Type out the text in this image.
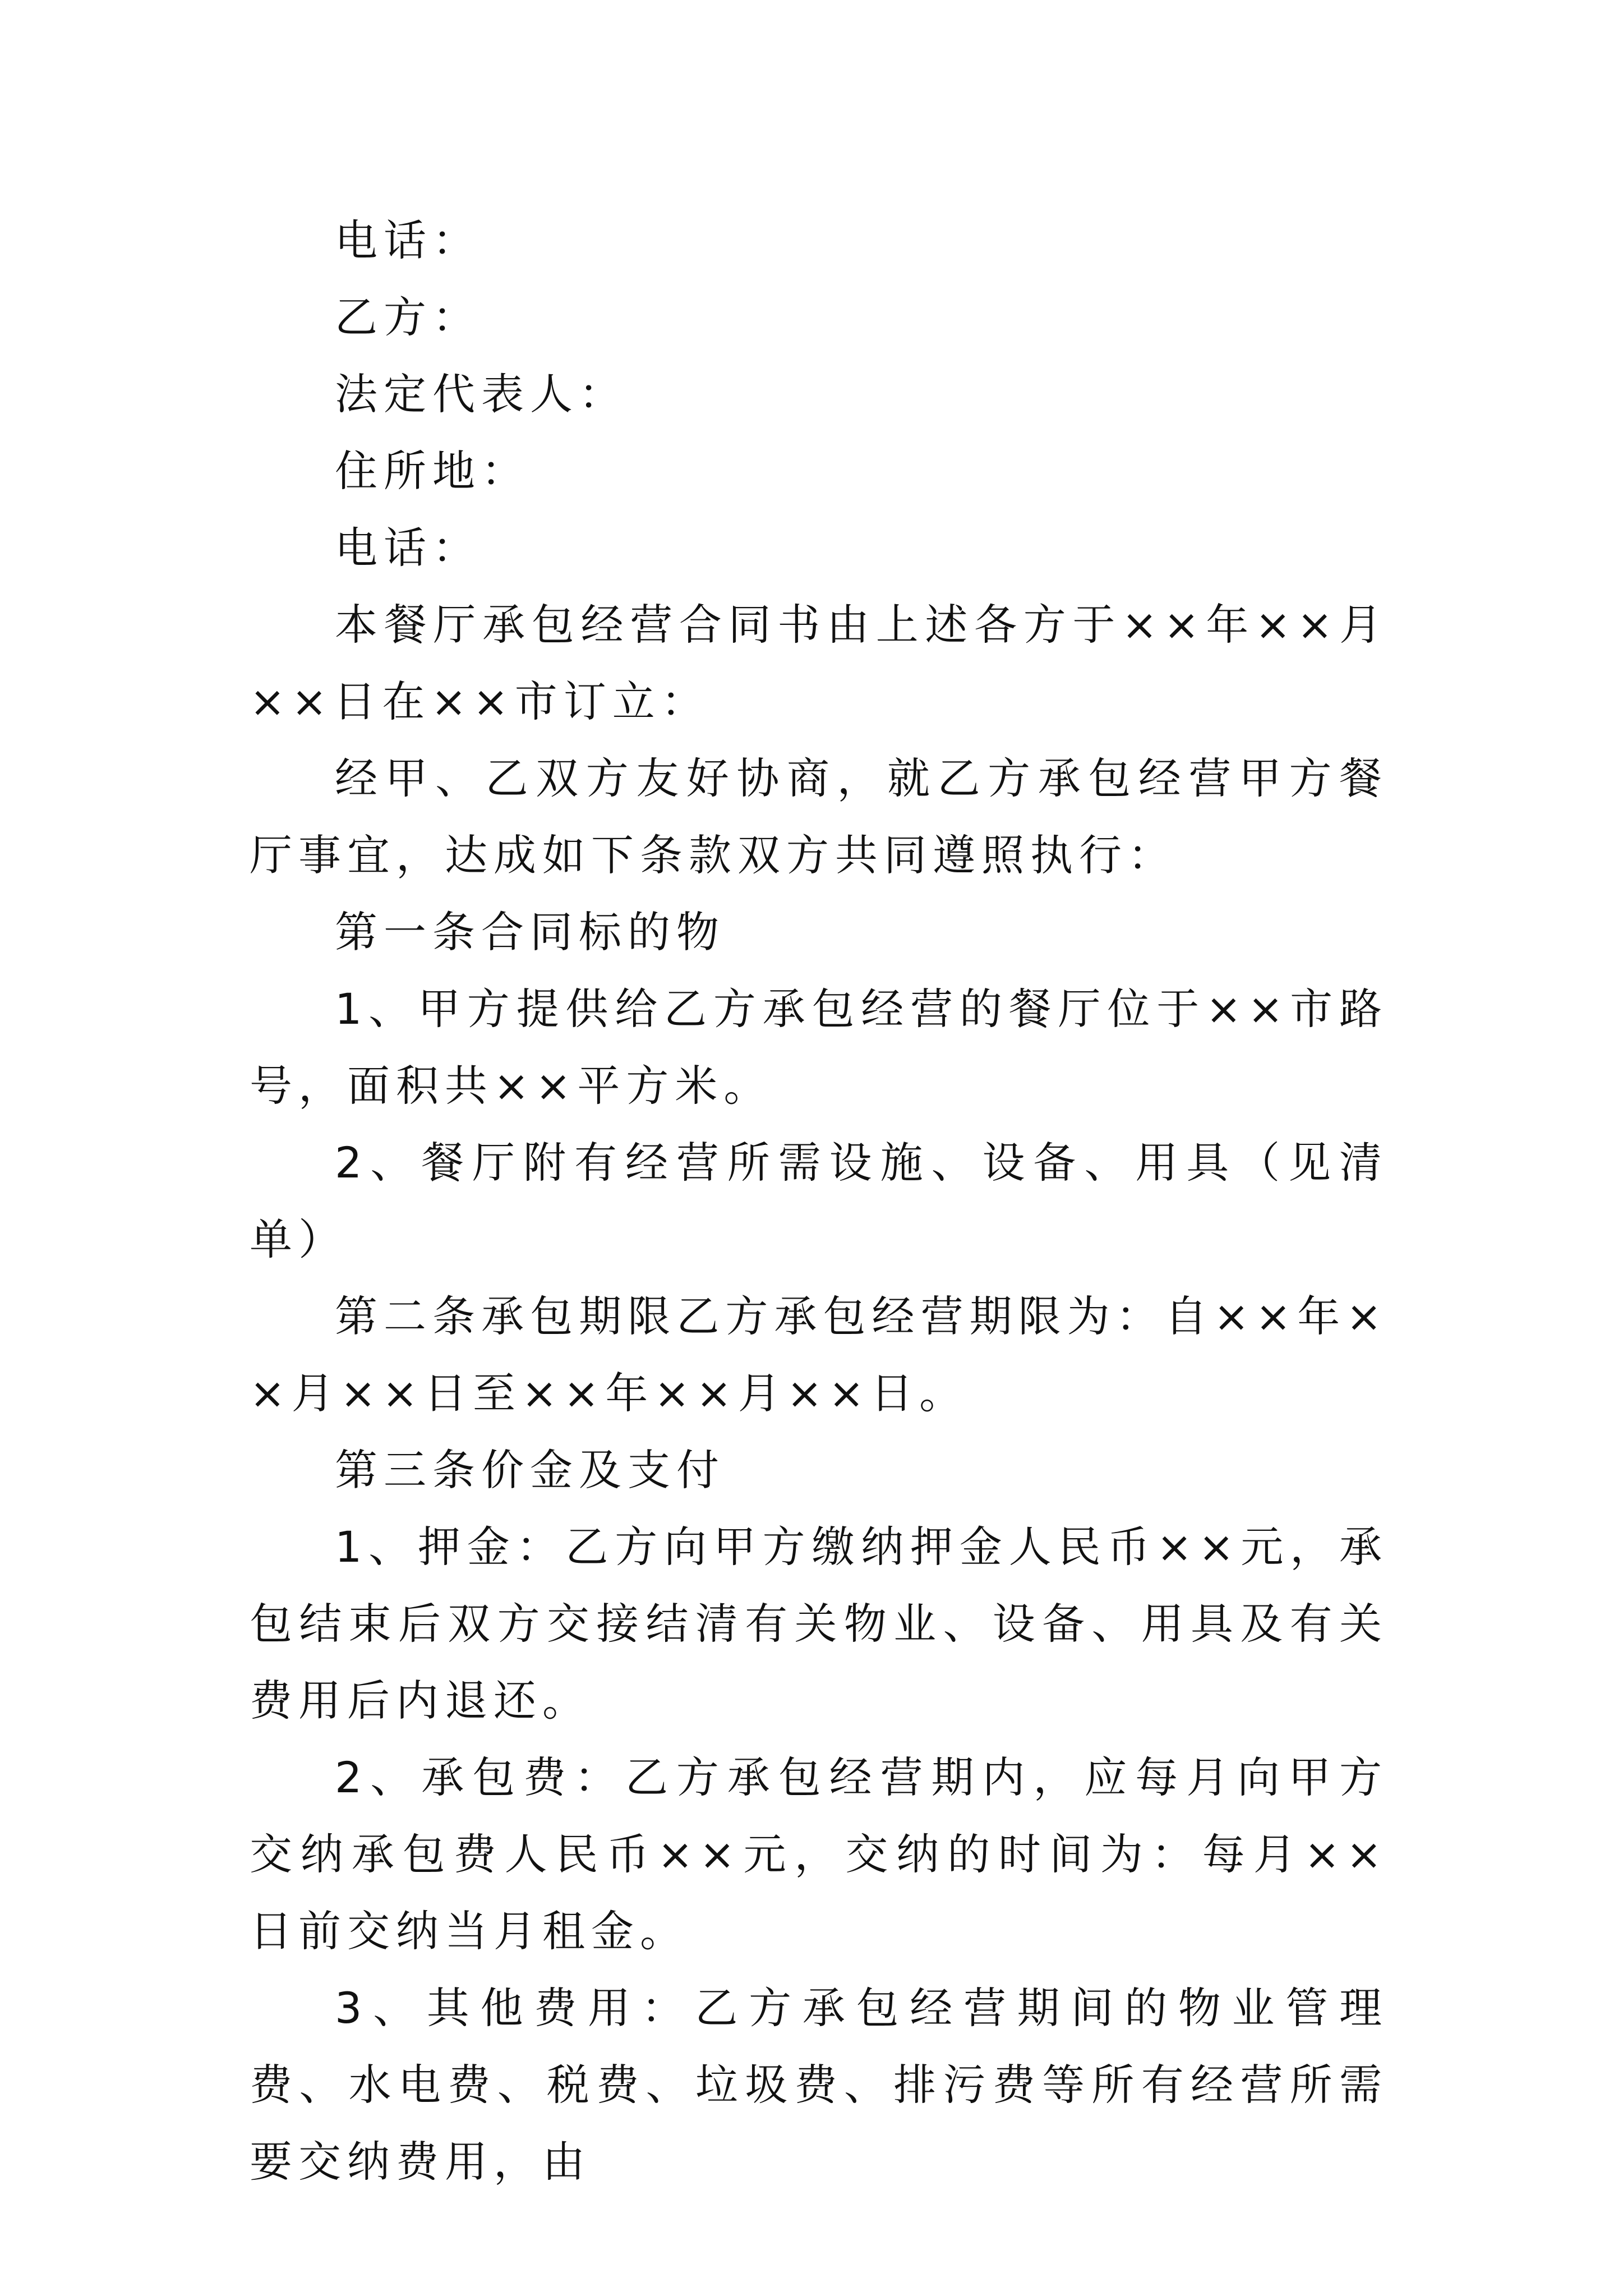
电话：

乙方：

法定代表人：

住所地：

电话：

本餐厅承包经营合同书由上述各方于××年××月××日在××市订立：

经甲、乙双方友好协商，就乙方承包经营甲方餐厅事宜，达成如下条款双方共同遵照执行：

第一条合同标的物

1、甲方提供给乙方承包经营的餐厅位于××市路号，面积共××平方米。

2、餐厅附有经营所需设施、设备、用具（见清单）

第二条承包期限乙方承包经营期限为：自××年××月××日至××年××月××日。

第三条价金及支付

1、押金：乙方向甲方缴纳押金人民币××元，承包结束后双方交接结清有关物业、设备、用具及有关费用后内退还。

2、承包费：乙方承包经营期内，应每月向甲方交纳承包费人民币××元，交纳的时间为：每月××日前交纳当月租金。

3、其他费用：乙方承包经营期间的物业管理费、水电费、税费、垃圾费、排污费等所有经营所需要交纳费用，由
